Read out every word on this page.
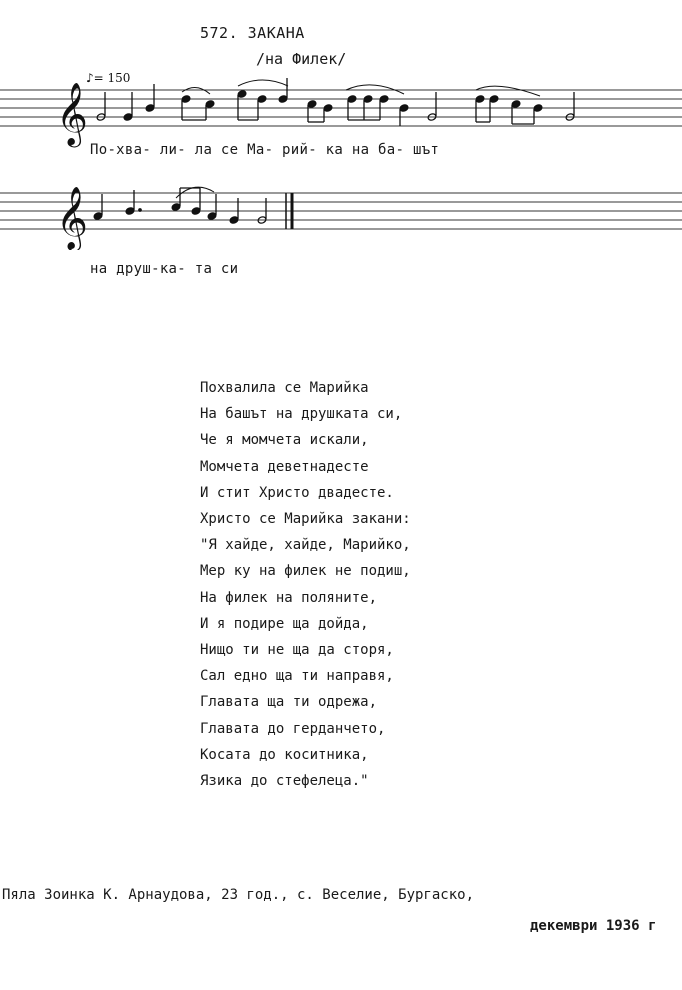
572. ЗАКАНА
/на Филек/
𝄞
♪= 150
По-хва- ли- ла се Ма- рий- ка на ба- шът
𝄞
на друш-ка- та си
Похвалила се Марийка
На башът на друшката си,
Че я момчета искали,
Момчета деветнадесте
И стит Христо двадесте.
Христо се Марийка закани:
"Я хайде, хайде, Марийко,
Мер ку на филек не подиш,
На филек на поляните,
И я подире ща дойда,
Нищо ти не ща да сторя,
Сал едно ща ти направя,
Главата ща ти одрежа,
Главата до герданчето,
Косата до коситника,
Язика до стефелеца."
Пяла Зоинка К. Арнаудова, 23 год., с. Веселие, Бургаско,
декември 1936 г
